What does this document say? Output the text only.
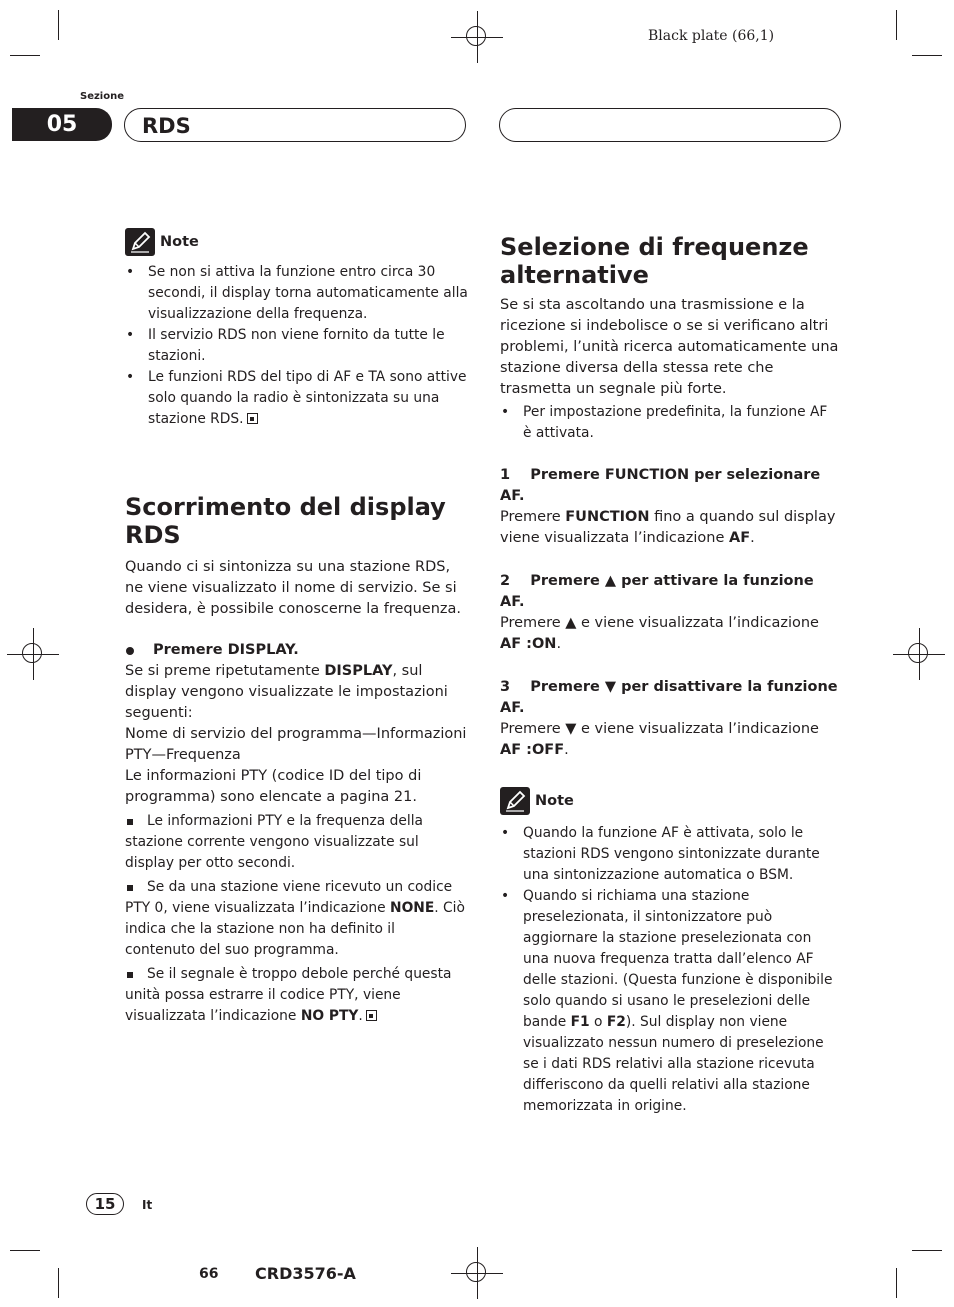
Black plate (66,1)
Sezione
05	RDS
Note
• Se non si attiva la funzione entro circa 30 secondi, il display torna automaticamente alla visualizzazione della frequenza.
• Il servizio RDS non viene fornito da tutte le stazioni.
• Le funzioni RDS del tipo di AF e TA sono attive solo quando la radio è sintonizzata su una stazione RDS.
Scorrimento del display RDS

Quando ci si sintonizza su una stazione RDS, ne viene visualizzato il nome di servizio. Se si desidera, è possibile conoscerne la frequenza.

Premere DISPLAY.

Se si preme ripetutamente DISPLAY, sul display vengono visualizzate le impostazioni seguenti:

Nome di servizio del programma—Informazioni PTY—Frequenza

Le informazioni PTY (codice ID del tipo di programma) sono elencate a pagina 21.

Le informazioni PTY e la frequenza della stazione corrente vengono visualizzate sul display per otto secondi.

Se da una stazione viene ricevuto un codice PTY 0, viene visualizzata l’indicazione NONE. Ciò indica che la stazione non ha definito il contenuto del suo programma.

Se il segnale è troppo debole perché questa unità possa estrarre il codice PTY, viene visualizzata l’indicazione NO PTY.

Selezione di frequenze alternative

Se si sta ascoltando una trasmissione e la ricezione si indebolisce o se si verificano altri problemi, l’unità ricerca automaticamente una stazione diversa della stessa rete che trasmetta un segnale più forte.

• Per impostazione predefinita, la funzione AF è attivata.

1    Premere FUNCTION per selezionare AF.

Premere FUNCTION fino a quando sul display viene visualizzata l’indicazione AF.

2    Premere ▲ per attivare la funzione AF.

Premere ▲ e viene visualizzata l’indicazione AF :ON.

3    Premere ▼ per disattivare la funzione AF.

Premere ▼ e viene visualizzata l’indicazione AF :OFF.

Note
• Quando la funzione AF è attivata, solo le stazioni RDS vengono sintonizzate durante una sintonizzazione automatica o BSM.
• Quando si richiama una stazione preselezionata, il sintonizzatore può aggiornare la stazione preselezionata con una nuova frequenza tratta dall’elenco AF delle stazioni. (Questa funzione è disponibile solo quando si usano le preselezioni delle bande F1 o F2). Sul display non viene visualizzato nessun numero di preselezione se i dati RDS relativi alla stazione ricevuta differiscono da quelli relativi alla stazione memorizzata in origine.
15	It
66 CRD3576-A
